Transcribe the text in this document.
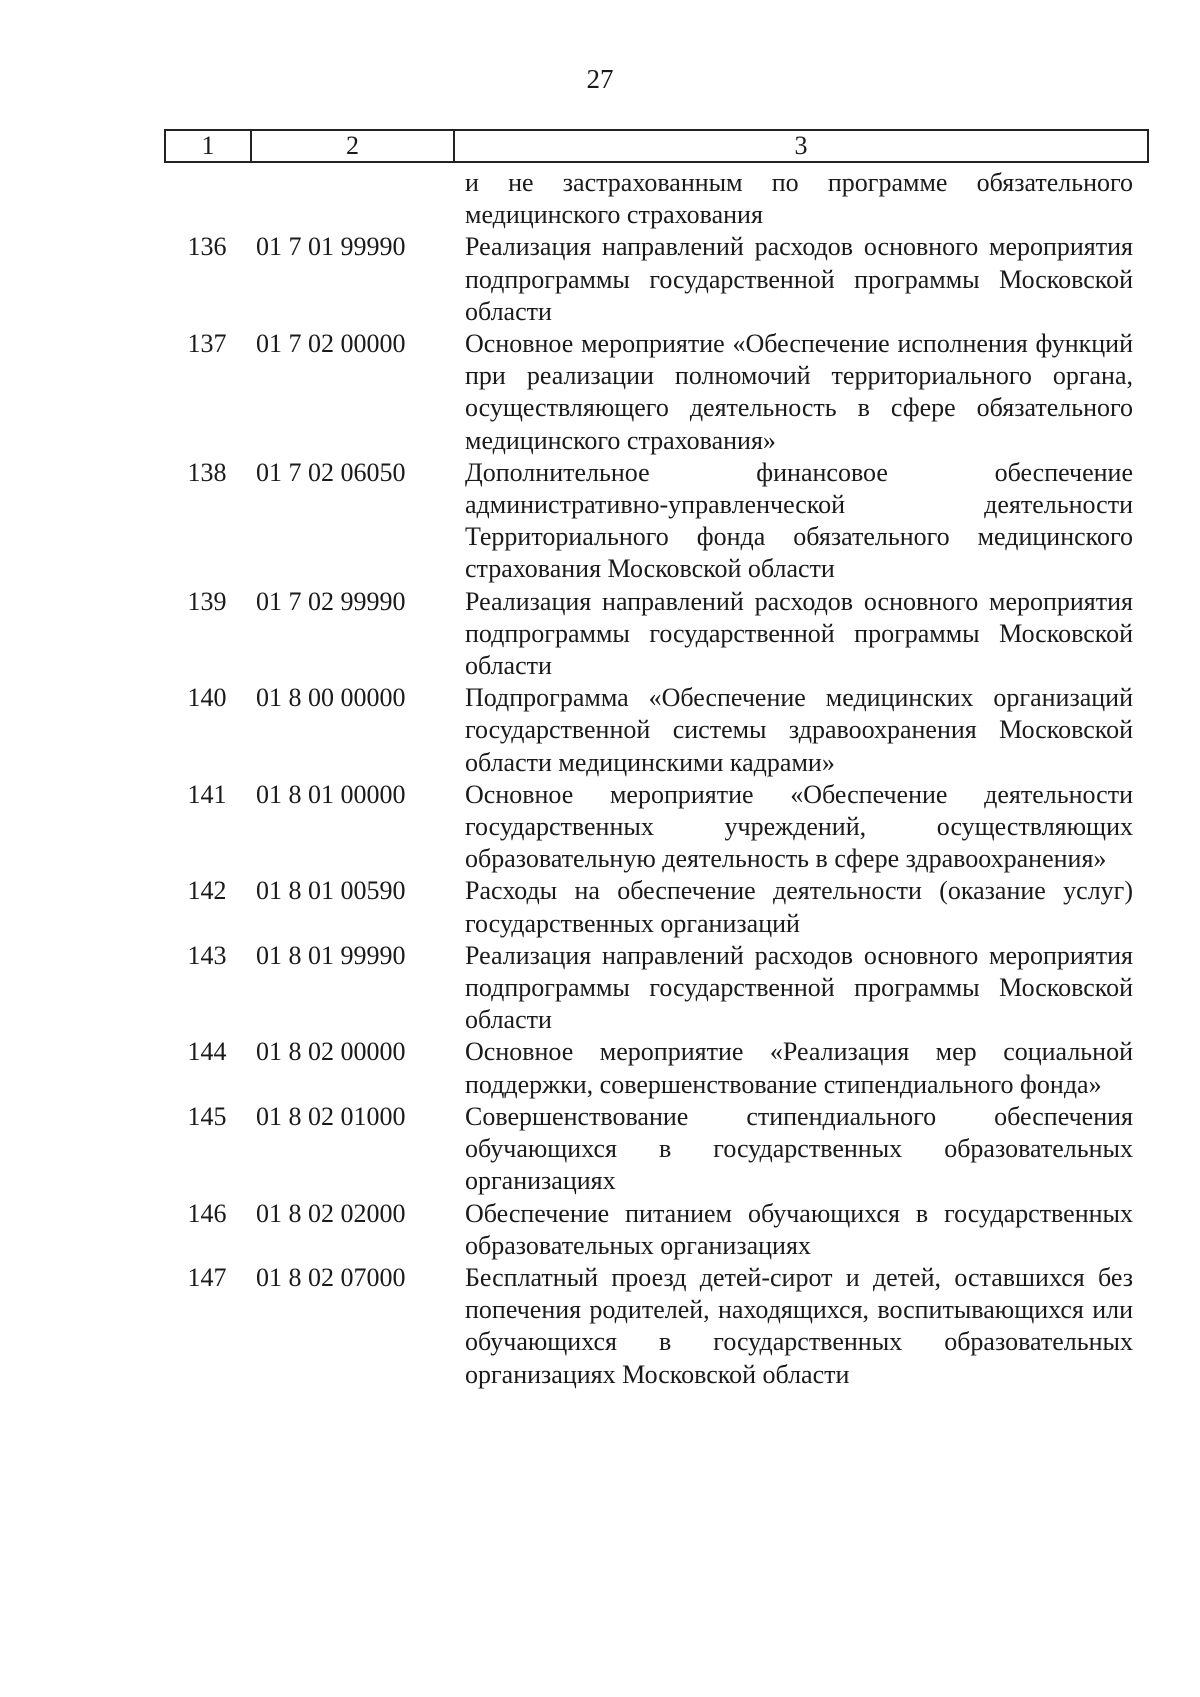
27
1	2	3
и не застрахованным по программе обязательного медицинского страхования
136	01 7 01 99990	Реализация направлений расходов основного мероприятия подпрограммы государственной программы Московской области
137	01 7 02 00000	Основное мероприятие «Обеспечение исполнения функций при реализации полномочий территориального органа, осуществляющего деятельность в сфере обязательного медицинского страхования»
138	01 7 02 06050	Дополнительное финансовое обеспечение административно-управленческой деятельности Территориального фонда обязательного медицинского страхования Московской области
139	01 7 02 99990	Реализация направлений расходов основного мероприятия подпрограммы государственной программы Московской области
140	01 8 00 00000	Подпрограмма «Обеспечение медицинских организаций государственной системы здравоохранения Московской области медицинскими кадрами»
141	01 8 01 00000	Основное мероприятие «Обеспечение деятельности государственных учреждений, осуществляющих образовательную деятельность в сфере здравоохранения»
142	01 8 01 00590	Расходы на обеспечение деятельности (оказание услуг) государственных организаций
143	01 8 01 99990	Реализация направлений расходов основного мероприятия подпрограммы государственной программы Московской области
144	01 8 02 00000	Основное мероприятие «Реализация мер социальной поддержки, совершенствование стипендиального фонда»
145	01 8 02 01000	Совершенствование стипендиального обеспечения обучающихся в государственных образовательных организациях
146	01 8 02 02000	Обеспечение питанием обучающихся в государственных образовательных организациях
147	01 8 02 07000	Бесплатный проезд детей-сирот и детей, оставшихся без попечения родителей, находящихся, воспитывающихся или обучающихся в государственных образовательных организациях Московской области
